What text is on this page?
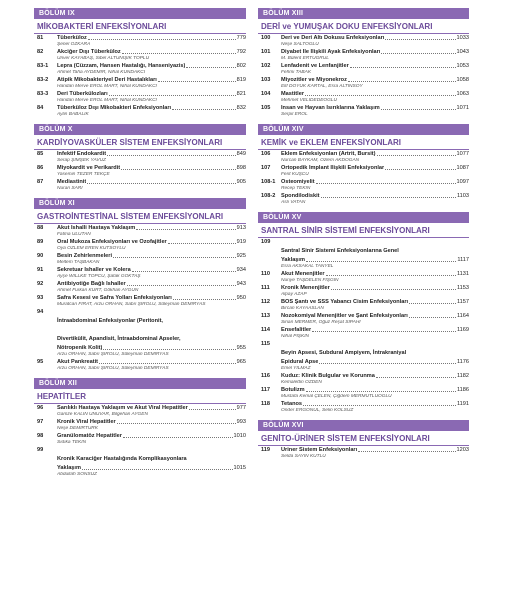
BÖLÜM IX
MİKOBAKTERİ ENFEKSİYONLARI
81	Tüberküloz	779
Şenel ÖZKARA
82	Akciğer Dışı Tüberküloz	792
Ünver KAYABAŞ, Sibel ALTUNIŞIK TOPLU
83-1	Lepra (Cüzzam, Hansen Hastalığı, Hanseniyazis)	802
Ahmet Taha AYDEMİR, Nihal KUNDAKCI
83-2	Atipik Mikobakteriyel Deri Hastalıkları	819
Handan Merve EROL MART, Nihal KUNDAKCI
83-3	Deri Tüberkülozları	821
Handan Merve EROL MART, Nihal KUNDAKCI
84	Tüberküloz Dışı Mikobakteri Enfeksiyonları	832
Aylin BABALIK
BÖLÜM X
KARDİYOVASKÜLER SİSTEM ENFEKSİYONLARI
85	İnfektif Endokardit	849
Serap ŞİMŞEK YAVUZ
86	Miyokardit ve Perikardit	898
Yasemin TEZER TEKÇE
87	Mediastinit	905
Nuran SARI
BÖLÜM XI
GASTROİNTESTİNAL SİSTEM ENFEKSİYONLARI
88	Akut İshalli Hastaya Yaklaşım	913
Fatma ULUTAN
89	Oral Mukoza Enfeksiyonları ve Özofajitler	919
Oya ÖZLEM EREN KUTSOYLU
90	Besin Zehirlenmeleri	925
Meltem TAŞBAKAN
91	Sekretuar İshaller ve Kolera	934
Ayşe WILLKE TOPCU, Şafak GÖKTAŞ
92	Antibiyotiğe Bağlı İshaller	943
Ahmet Furkan KURT, Gökhan AYGÜN
93	Safra Kesesi ve Safra Yolları Enfeksiyonları	950
Muratcan FIRAT, Arzu ORHAN, Sabri ŞİROLU, Süleyman DEMİRYAS
94
İntraabdominal Enfeksiyonlar (Peritonit,
Divertikülit, Apandisit, İntraabdominal Apseler,
Nötropenik Kolit)	955
Arzu ORHAN, Sabri ŞİROLU, Süleyman DEMİRYAS
95	Akut Pankreatit	965
Arzu ORHAN, Sabri ŞİROLU, Süleyman DEMİRYAS
BÖLÜM XII
HEPATİTLER
96	Sarılıklı Hastaya Yaklaşım ve Akut Viral Hepatitler	977
Gamze KALIN ÜNÜVAR, Bilgehan AYGEN
97	Kronik Viral Hepatitler	993
Neşe DEMİRTÜRK
98	Granülomatöz Hepatitler	1010
Sıdıka TEKİN
99
Kronik Karaciğer Hastalığında Komplikasyonlara
Yaklaşım	1015
Abdullah SONSUZ
BÖLÜM XIII
DERİ ve YUMUŞAK DOKU ENFEKSİYONLARI
100	Deri ve Deri Altı Dokusu Enfeksiyonları	1033
Neşe SALTOĞLU
101	Diyabet İle İlişkili Ayak Enfeksiyonları	1043
M. Bülent ERTUĞRUL
102	Lenfadenit ve Lenfanjitler	1053
Fehmi TABAK
103	Miyozitler ve Miyonekroz	1058
Elif DOYUK KARTAL, Esra ALTINSOY
104	Mastitler	1063
Mehmet VELİDEDEOĞLU
105	İnsan ve Hayvan Isırıklarına Yaklaşım	1071
Serpil EROL
BÖLÜM XIV
KEMİK ve EKLEM ENFEKSİYONLARI
106	Eklem Enfeksiyonları (Artrit, Bursit)	1077
Nurcan BAYKAM, Özlem AKDOĞAN
107	Ortopedik İmplant İlişkili Enfeksiyonlar	1087
Ferit KUŞCU
108-1	Osteomiyelit	1097
Recep TEKİN
108-2	Spondilodiskit	1103
Aslı VATAN
BÖLÜM XV
SANTRAL SİNİR SİSTEMİ ENFEKSİYONLARI
109
Santral Sinir Sistemi Enfeksiyonlarına Genel
Yaklaşım	1117
Esra AKSAKAL TANYEL
110	Akut Menenjitler	1131
Nuriye TAŞDELEN FIŞGIN
111	Kronik Menenjitler	1153
Alpay AZAP
112	BOS Şantı ve SSS Yabancı Cisim Enfeksiyonları	1157
Bircan KAYAASLAN
113	Nozokomiyal Menenjitler ve Şant Enfeksiyonları	1164
Sinan MERMER, Oğuz Reşat SİPAHİ
114	Ensefalitler	1169
Nihal PİŞKİN
115
Beyin Apsesi, Subdural Ampiyem, İntrakraniyal
Epidural Apse	1176
Emel YILMAZ
116	Kuduz: Klinik Bulgular ve Korunma	1182
Kemalettin ÖZDEN
117	Botulizm	1186
Mustafa Kemal ÇELEN, Çiğdem MERMUTLUOĞLU
118	Tetanos	1191
Önder ERGÖNÜL, Selin KOLSUZ
BÖLÜM XVI
GENİTO-ÜRİNER SİSTEM ENFEKSİYONLARI
119	Üriner Sistem Enfeksiyonları	1203
Selda SAYIN KUTLU
